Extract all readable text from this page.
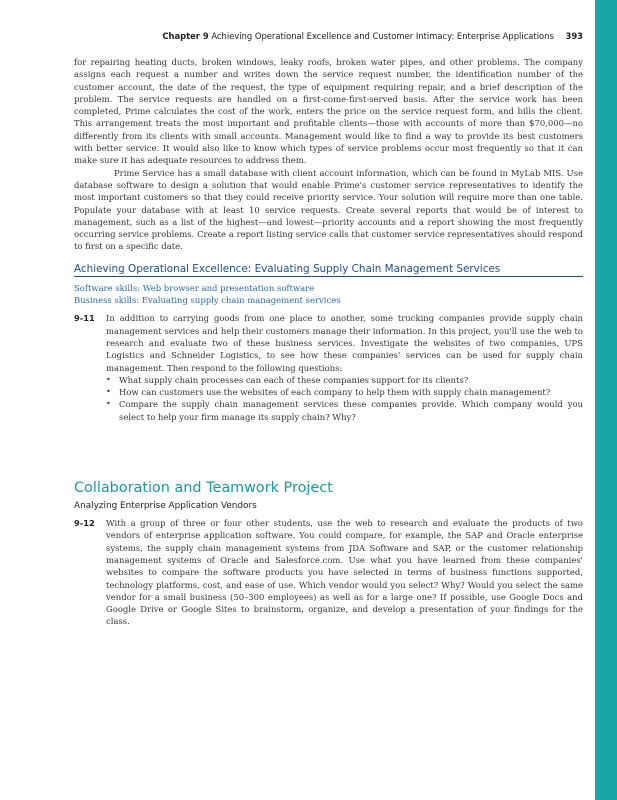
Chapter 9 Achieving Operational Excellence and Customer Intimacy: Enterprise Applications 393

for repairing heating ducts, broken windows, leaky roofs, broken water pipes, and other problems. The company assigns each request a number and writes down the service request number, the identification number of the customer account, the date of the request, the type of equipment requiring repair, and a brief description of the problem. The service requests are handled on a first-come-first-served basis. After the service work has been completed, Prime calculates the cost of the work, enters the price on the service request form, and bills the client. This arrangement treats the most important and profitable clients—those with accounts of more than $70,000—no differently from its clients with small accounts. Management would like to find a way to provide its best customers with better service. It would also like to know which types of service problems occur most frequently so that it can make sure it has adequate resources to address them.

Prime Service has a small database with client account information, which can be found in MyLab MIS. Use database software to design a solution that would enable Prime's customer service representatives to identify the most important customers so that they could receive priority service. Your solution will require more than one table. Populate your database with at least 10 service requests. Create several reports that would be of interest to management, such as a list of the highest—and lowest—priority accounts and a report showing the most frequently occurring service problems. Create a report listing service calls that customer service representatives should respond to first on a specific date.

Achieving Operational Excellence: Evaluating Supply Chain Management Services
Software skills: Web browser and presentation software
Business skills: Evaluating supply chain management services
9-11 In addition to carrying goods from one place to another, some trucking companies provide supply chain management services and help their customers manage their information. In this project, you'll use the web to research and evaluate two of these business services. Investigate the websites of two companies, UPS Logistics and Schneider Logistics, to see how these companies' services can be used for supply chain management. Then respond to the following questions:

• What supply chain processes can each of these companies support for its clients?
• How can customers use the websites of each company to help them with supply chain management?
• Compare the supply chain management services these companies provide. Which company would you select to help your firm manage its supply chain? Why?
Collaboration and Teamwork Project
Analyzing Enterprise Application Vendors
9-12 With a group of three or four other students, use the web to research and evaluate the products of two vendors of enterprise application software. You could compare, for example, the SAP and Oracle enterprise systems, the supply chain management systems from JDA Software and SAP, or the customer relationship management systems of Oracle and Salesforce.com. Use what you have learned from these companies' websites to compare the software products you have selected in terms of business functions supported, technology platforms, cost, and ease of use. Which vendor would you select? Why? Would you select the same vendor for a small business (50–300 employees) as well as for a large one? If possible, use Google Docs and Google Drive or Google Sites to brainstorm, organize, and develop a presentation of your findings for the class.
